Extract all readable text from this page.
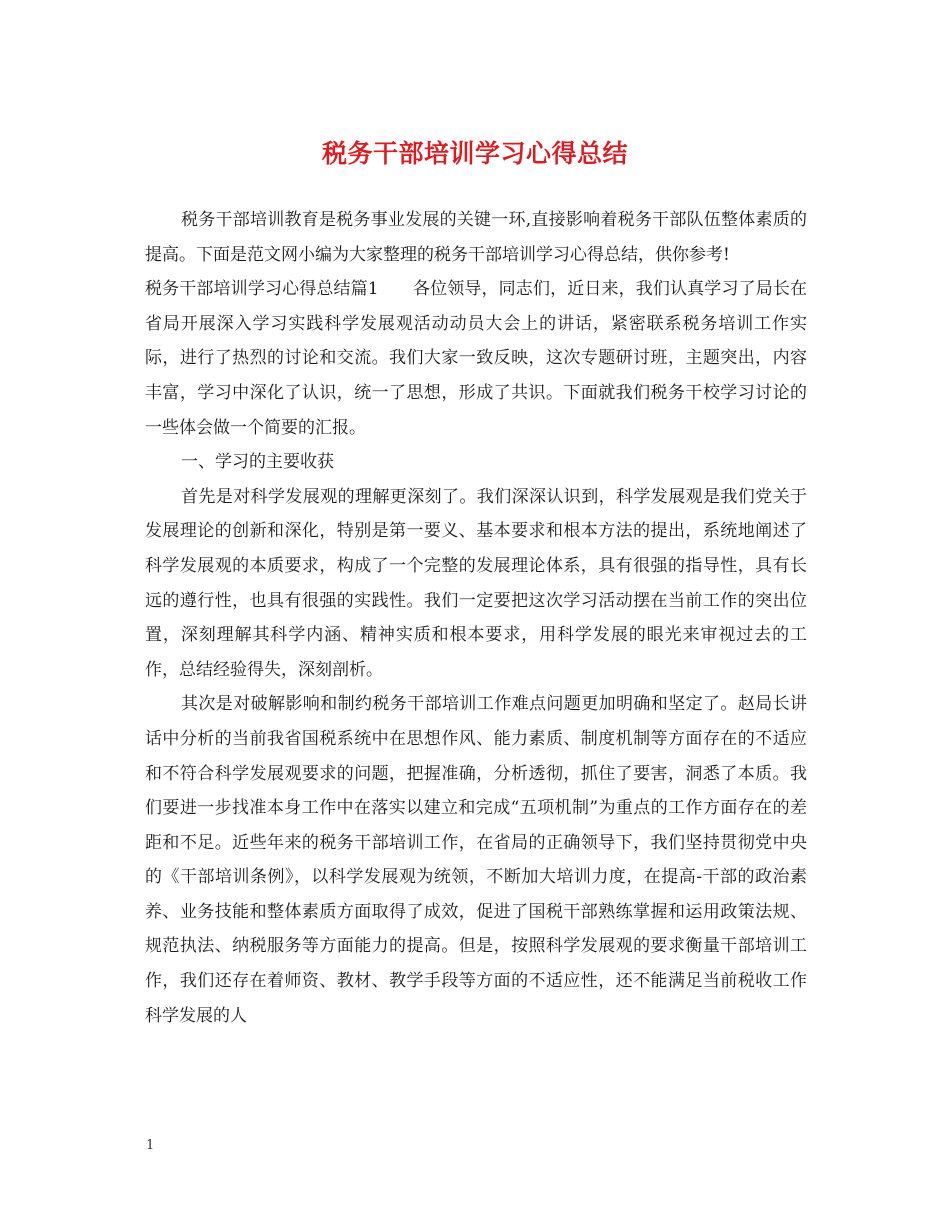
税务干部培训学习心得总结

税务干部培训教育是税务事业发展的关键一环,直接影响着税务干部队伍整体素质的提高。下面是范文网小编为大家整理的税务干部培训学习心得总结，供你参考!

税务干部培训学习心得总结篇1　　各位领导，同志们，近日来，我们认真学习了局长在省局开展深入学习实践科学发展观活动动员大会上的讲话，紧密联系税务培训工作实际，进行了热烈的讨论和交流。我们大家一致反映，这次专题研讨班，主题突出，内容丰富，学习中深化了认识，统一了思想，形成了共识。下面就我们税务干校学习讨论的一些体会做一个简要的汇报。

一、学习的主要收获

首先是对科学发展观的理解更深刻了。我们深深认识到，科学发展观是我们党关于发展理论的创新和深化，特别是第一要义、基本要求和根本方法的提出，系统地阐述了科学发展观的本质要求，构成了一个完整的发展理论体系，具有很强的指导性，具有长远的遵行性，也具有很强的实践性。我们一定要把这次学习活动摆在当前工作的突出位置，深刻理解其科学内涵、精神实质和根本要求，用科学发展的眼光来审视过去的工作，总结经验得失，深刻剖析。

其次是对破解影响和制约税务干部培训工作难点问题更加明确和坚定了。赵局长讲话中分析的当前我省国税系统中在思想作风、能力素质、制度机制等方面存在的不适应和不符合科学发展观要求的问题，把握准确，分析透彻，抓住了要害，洞悉了本质。我们要进一步找准本身工作中在落实以建立和完成“五项机制”为重点的工作方面存在的差距和不足。近些年来的税务干部培训工作，在省局的正确领导下，我们坚持贯彻党中央的《干部培训条例》，以科学发展观为统领，不断加大培训力度，在提高-干部的政治素养、业务技能和整体素质方面取得了成效，促进了国税干部熟练掌握和运用政策法规、规范执法、纳税服务等方面能力的提高。但是，按照科学发展观的要求衡量干部培训工作，我们还存在着师资、教材、教学手段等方面的不适应性，还不能满足当前税收工作科学发展的人

1
